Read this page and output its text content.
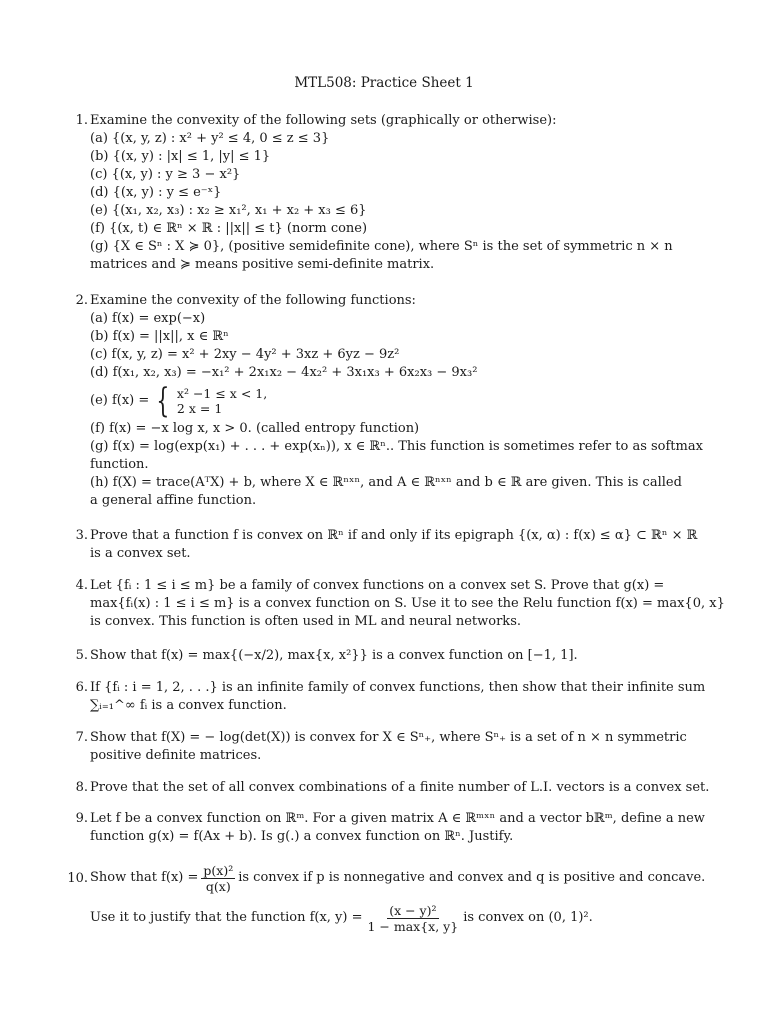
MTL508: Practice Sheet 1
1. Examine the convexity of the following sets (graphically or otherwise):
(a) {(x, y, z) : x² + y² ≤ 4, 0 ≤ z ≤ 3}
(b) {(x, y) : |x| ≤ 1, |y| ≤ 1}
(c) {(x, y) : y ≥ 3 − x²}
(d) {(x, y) : y ≤ e⁻ˣ}
(e) {(x₁, x₂, x₃) : x₂ ≥ x₁², x₁ + x₂ + x₃ ≤ 6}
(f) {(x, t) ∈ ℝⁿ × ℝ : ||x|| ≤ t} (norm cone)
(g) {X ∈ Sⁿ : X ≽ 0}, (positive semidefinite cone), where Sⁿ is the set of symmetric n × n
matrices and ≽ means positive semi-definite matrix.
2. Examine the convexity of the following functions:
(a) f(x) = exp(−x)
(b) f(x) = ||x||, x ∈ ℝⁿ
(c) f(x, y, z) = x² + 2xy − 4y² + 3xz + 6yz − 9z²
(d) f(x₁, x₂, x₃) = −x₁² + 2x₁x₂ − 4x₂² + 3x₁x₃ + 6x₂x₃ − 9x₃²
(e) f(x) = { x² −1 ≤ x < 1,
2 x = 1
(f) f(x) = −x log x, x > 0. (called entropy function)
(g) f(x) = log(exp(x₁) + . . . + exp(xₙ)), x ∈ ℝⁿ.. This function is sometimes refer to as softmax
function.
(h) f(X) = trace(AᵀX) + b, where X ∈ ℝⁿˣⁿ, and A ∈ ℝⁿˣⁿ and b ∈ ℝ are given. This is called
a general affine function.
3. Prove that a function f is convex on ℝⁿ if and only if its epigraph {(x, α) : f(x) ≤ α} ⊂ ℝⁿ × ℝ
is a convex set.
4. Let {fᵢ : 1 ≤ i ≤ m} be a family of convex functions on a convex set S. Prove that g(x) =
max{fᵢ(x) : 1 ≤ i ≤ m} is a convex function on S. Use it to see the Relu function f(x) = max{0, x}
is convex. This function is often used in ML and neural networks.
5. Show that f(x) = max{(−x/2), max{x, x²}} is a convex function on [−1, 1].
6. If {fᵢ : i = 1, 2, . . .} is an infinite family of convex functions, then show that their infinite sum
∑ᵢ₌₁^∞ fᵢ is a convex function.
7. Show that f(X) = − log(det(X)) is convex for X ∈ Sⁿ₊, where Sⁿ₊ is a set of n × n symmetric
positive definite matrices.
8. Prove that the set of all convex combinations of a finite number of L.I. vectors is a convex set.
9. Let f be a convex function on ℝᵐ. For a given matrix A ∈ ℝᵐˣⁿ and a vector bℝᵐ, define a new
function g(x) = f(Ax + b). Is g(.) a convex function on ℝⁿ. Justify.
10. Show that $f(x) = \frac{\text{p(x)²}}{q(x)}$ is convex if p is nonnegative and convex and q is positive and concave.
Use it to justify that the function f(x, $y) = \frac{\text{(x − y)²}}{1 - \max\{x, y\}}$ is convex on (0, 1)².
